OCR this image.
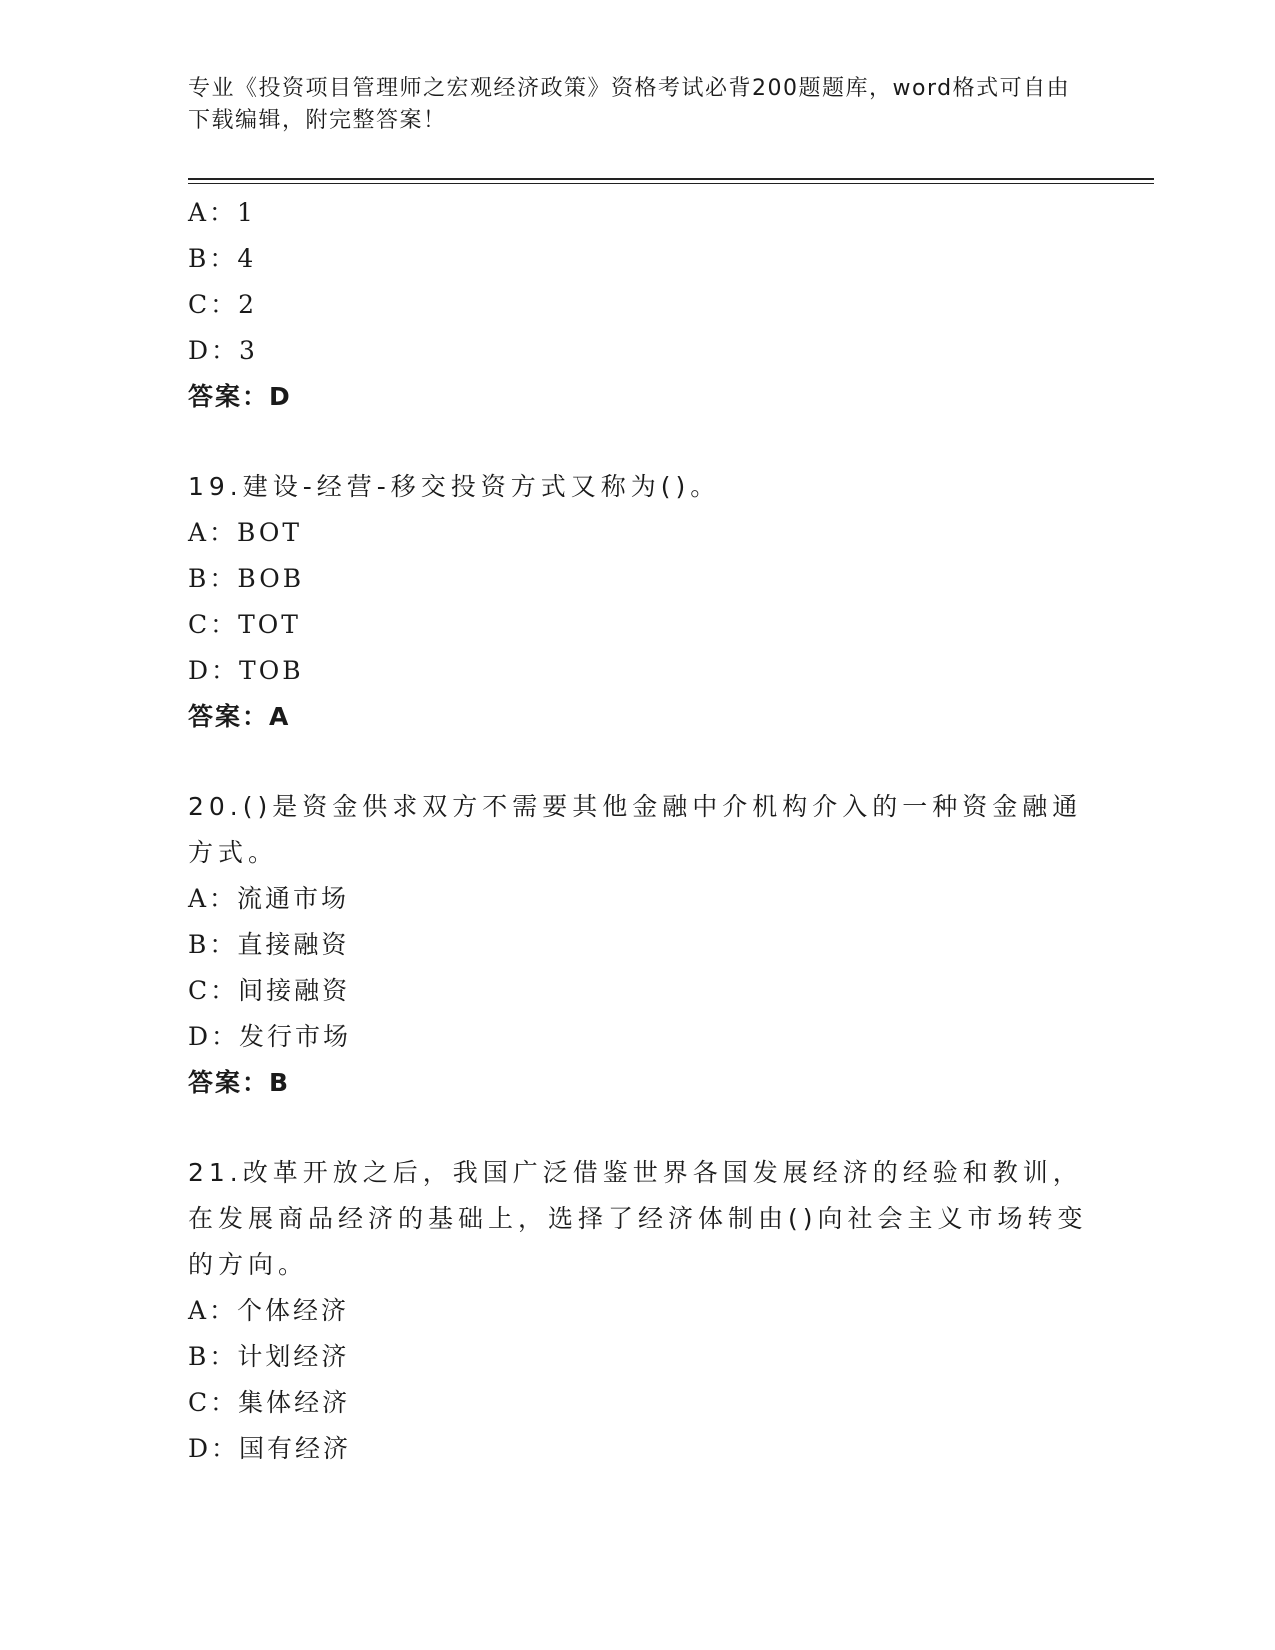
专业《投资项目管理师之宏观经济政策》资格考试必背200题题库，word格式可自由下载编辑，附完整答案！
A：1
B：4
C：2
D：3
答案：D
19.建设-经营-移交投资方式又称为()。
A：BOT
B：BOB
C：TOT
D：TOB
答案：A
20.()是资金供求双方不需要其他金融中介机构介入的一种资金融通方式。
A：流通市场
B：直接融资
C：间接融资
D：发行市场
答案：B
21.改革开放之后，我国广泛借鉴世界各国发展经济的经验和教训，在发展商品经济的基础上，选择了经济体制由()向社会主义市场转变的方向。
A：个体经济
B：计划经济
C：集体经济
D：国有经济
